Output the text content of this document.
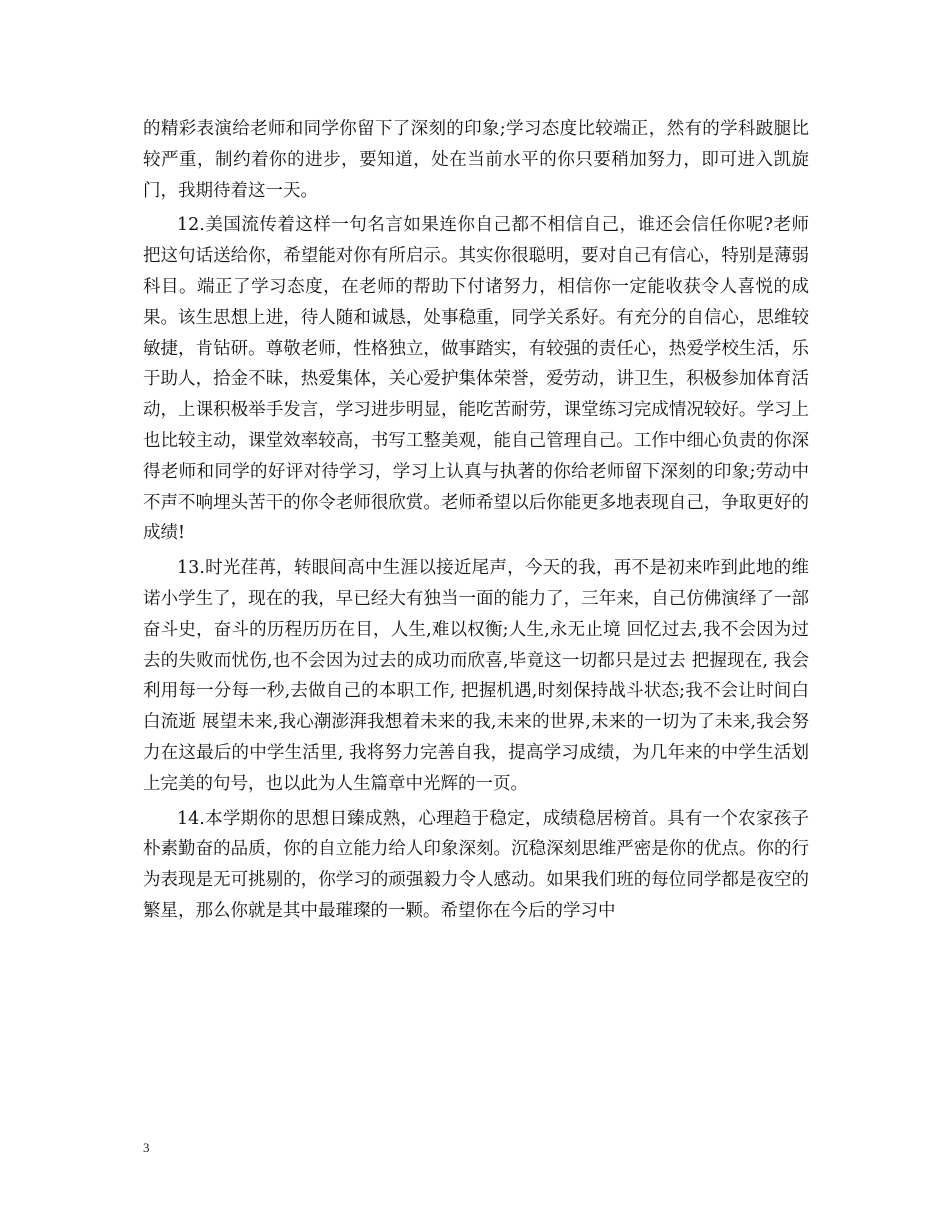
的精彩表演给老师和同学你留下了深刻的印象;学习态度比较端正，然有的学科跛腿比较严重，制约着你的进步，要知道，处在当前水平的你只要稍加努力，即可进入凯旋门，我期待着这一天。

12.美国流传着这样一句名言如果连你自己都不相信自己，谁还会信任你呢?老师把这句话送给你，希望能对你有所启示。其实你很聪明，要对自己有信心，特别是薄弱科目。端正了学习态度，在老师的帮助下付诸努力，相信你一定能收获令人喜悦的成果。该生思想上进，待人随和诚恳，处事稳重，同学关系好。有充分的自信心，思维较敏捷，肯钻研。尊敬老师，性格独立，做事踏实，有较强的责任心，热爱学校生活，乐于助人，拾金不昧，热爱集体，关心爱护集体荣誉，爱劳动，讲卫生，积极参加体育活动，上课积极举手发言，学习进步明显，能吃苦耐劳，课堂练习完成情况较好。学习上也比较主动，课堂效率较高，书写工整美观，能自己管理自己。工作中细心负责的你深得老师和同学的好评对待学习，学习上认真与执著的你给老师留下深刻的印象;劳动中不声不响埋头苦干的你令老师很欣赏。老师希望以后你能更多地表现自己，争取更好的成绩!

13.时光荏苒，转眼间高中生涯以接近尾声，今天的我，再不是初来咋到此地的维诺小学生了，现在的我，早已经大有独当一面的能力了，三年来，自己仿佛演绎了一部奋斗史，奋斗的历程历历在目，人生,难以权衡;人生,永无止境 回忆过去,我不会因为过去的失败而忧伤,也不会因为过去的成功而欣喜,毕竟这一切都只是过去 把握现在, 我会利用每一分每一秒,去做自己的本职工作, 把握机遇,时刻保持战斗状态;我不会让时间白白流逝 展望未来,我心潮澎湃我想着未来的我,未来的世界,未来的一切为了未来,我会努力在这最后的中学生活里, 我将努力完善自我，提高学习成绩，为几年来的中学生活划上完美的句号，也以此为人生篇章中光辉的一页。

14.本学期你的思想日臻成熟，心理趋于稳定，成绩稳居榜首。具有一个农家孩子朴素勤奋的品质，你的自立能力给人印象深刻。沉稳深刻思维严密是你的优点。你的行为表现是无可挑剔的，你学习的顽强毅力令人感动。如果我们班的每位同学都是夜空的繁星，那么你就是其中最璀璨的一颗。希望你在今后的学习中

3
